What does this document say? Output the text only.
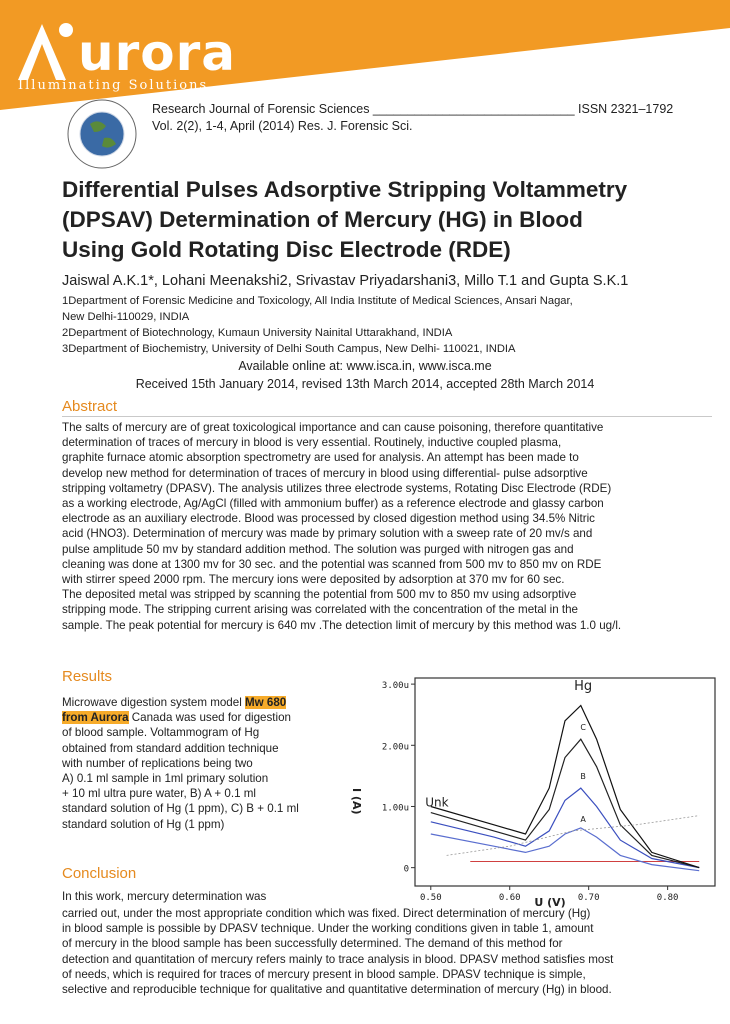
urora
Illuminating Solutions
Research Journal of Forensic Sciences _____________________________ ISSN 2321–1792
Vol. 2(2), 1-4, April (2014) Res. J. Forensic Sci.
Differential Pulses Adsorptive Stripping Voltammetry
(DPSAV) Determination of Mercury (HG) in Blood
Using Gold Rotating Disc Electrode (RDE)
Jaiswal A.K.1*, Lohani Meenakshi2, Srivastav Priyadarshani3, Millo T.1 and Gupta S.K.1
1Department of Forensic Medicine and Toxicology, All India Institute of Medical Sciences, Ansari Nagar,
New Delhi-110029, INDIA
2Department of Biotechnology, Kumaun University Nainital Uttarakhand, INDIA
3Department of Biochemistry, University of Delhi South Campus, New Delhi- 110021, INDIA
Available online at: www.isca.in, www.isca.me
Received 15th January 2014, revised 13th March 2014, accepted 28th March 2014
Abstract
The salts of mercury are of great toxicological importance and can cause poisoning, therefore quantitative
determination of traces of mercury in blood is very essential. Routinely, inductive coupled plasma,
graphite furnace atomic absorption spectrometry are used for analysis. An attempt has been made to
develop new method for determination of traces of mercury in blood using differential- pulse adsorptive
stripping voltametry (DPASV). The analysis utilizes three electrode systems, Rotating Disc Electrode (RDE)
as a working electrode, Ag/AgCl (filled with ammonium buffer) as a reference electrode and glassy carbon
electrode as an auxiliary electrode. Blood was processed by closed digestion method using 34.5% Nitric
acid (HNO3). Determination of mercury was made by primary solution with a sweep rate of 20 mv/s and
pulse amplitude 50 mv by standard addition method. The solution was purged with nitrogen gas and
cleaning was done at 1300 mv for 30 sec. and the potential was scanned from 500 mv to 850 mv on RDE
with stirrer speed 2000 rpm. The mercury ions were deposited by adsorption at 370 mv for 60 sec.
The deposited metal was stripped by scanning the potential from 500 mv to 850 mv using adsorptive
stripping mode. The stripping current arising was correlated with the concentration of the metal in the
sample. The peak potential for mercury is 640 mv .The detection limit of mercury by this method was 1.0 ug/l.
Results
Microwave digestion system model Mw 680
from Aurora Canada was used for digestion
of blood sample. Voltammogram of Hg
obtained from standard addition technique
with number of replications being two
A) 0.1 ml sample in 1ml primary solution
+ 10 ml ultra pure water, B) A + 0.1 ml
standard solution of Hg (1 ppm), C) B + 0.1 ml
standard solution of Hg (1 ppm)
I (A)
U (V)
3.00u
2.00u
1.00u
0
0.50	0.60	0.70	0.80
Hg
C
B
A
Unk
Conclusion
In this work, mercury determination was
carried out, under the most appropriate condition which was fixed. Direct determination of mercury (Hg)
in blood sample is possible by DPASV technique. Under the working conditions given in table 1, amount
of mercury in the blood sample has been successfully determined. The demand of this method for
detection and quantitation of mercury refers mainly to trace analysis in blood. DPASV method satisfies most
of needs, which is required for traces of mercury present in blood sample. DPASV technique is simple,
selective and reproducible technique for qualitative and quantitative determination of mercury (Hg) in blood.
